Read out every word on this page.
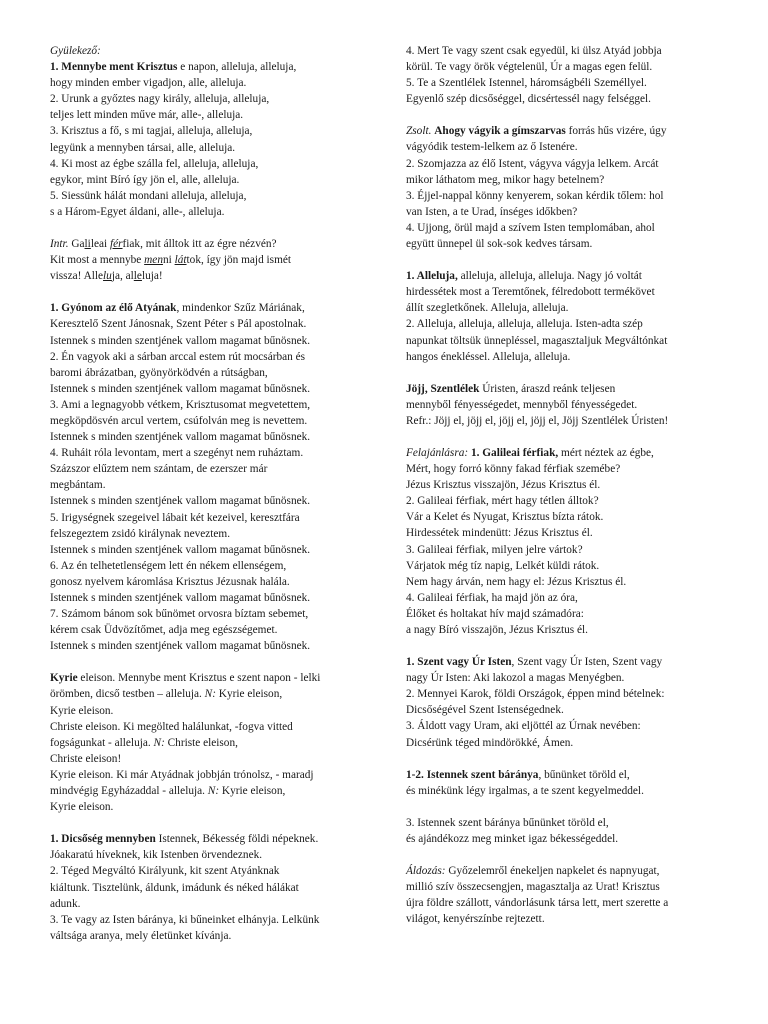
Gyülekező:
1. Mennybe ment Krisztus e napon, alleluja, alleluja,
hogy minden ember vigadjon, alle, alleluja.
2. Urunk a győztes nagy király, alleluja, alleluja,
teljes lett minden műve már, alle-, alleluja.
3. Krisztus a fő, s mi tagjai, alleluja, alleluja,
legyünk a mennyben társai, alle, alleluja.
4. Ki most az égbe szálla fel, alleluja, alleluja,
egykor, mint Bíró így jön el, alle, alleluja.
5. Siessünk hálát mondani alleluja, alleluja,
s a Három-Egyet áldani, alle-, alleluja.
Intr. Galileai férfiak, mit álltok itt az égre nézvén?
Kit most a mennybe menni láttok, így jön majd ismét
vissza! Alleluja, alleluja!
1. Gyónom az élő Atyának, mindenkor Szűz Máriának,
Keresztelő Szent Jánosnak, Szent Péter s Pál apostolnak.
Istennek s minden szentjének vallom magamat bűnösnek.
2. Én vagyok aki a sárban arccal estem rút mocsárban és
baromi ábrázatban, gyönyörködvén a rútságban,
Istennek s minden szentjének vallom magamat bűnösnek.
3. Ami a legnagyobb vétkem, Krisztusomat megvetettem,
megköpdösvén arcul vertem, csúfolván meg is nevettem.
Istennek s minden szentjének vallom magamat bűnösnek.
4. Ruháit róla levontam, mert a szegényt nem ruháztam.
Százszor elűztem nem szántam, de ezerszer már
megbántam.
Istennek s minden szentjének vallom magamat bűnösnek.
5. Irigységnek szegeivel lábait két kezeivel, keresztfára
felszegeztem zsidó királynak neveztem.
Istennek s minden szentjének vallom magamat bűnösnek.
6. Az én telhetetlenségem lett én nékem ellenségem,
gonosz nyelvem káromlása Krisztus Jézusnak halála.
Istennek s minden szentjének vallom magamat bűnösnek.
7. Számom bánom sok bűnömet orvosra bíztam sebemet,
kérem csak Üdvözítőmet, adja meg egészségemet.
Istennek s minden szentjének vallom magamat bűnösnek.
Kyrie eleison. Mennybe ment Krisztus e szent napon - lelki
örömben, dicső testben – alleluja. N: Kyrie eleison,
Kyrie eleison.
Christe eleison. Ki megölted halálunkat, -fogva vitted
fogságunkat - alleluja. N: Christe eleison,
Christe eleison!
Kyrie eleison. Ki már Atyádnak jobbján trónolsz, - maradj
mindvégig Egyházaddal - alleluja. N: Kyrie eleison,
Kyrie eleison.
1. Dicsőség mennyben Istennek, Békesség földi népeknek.
Jóakaratú híveknek, kik Istenben örvendeznek.
2. Téged Megváltó Királyunk, kit szent Atyánknak
kiáltunk. Tisztelünk, áldunk, imádunk és néked hálákat
adunk.
3. Te vagy az Isten báránya, ki bűneinket elhányja. Lelkünk
váltsága aranya, mely életünket kívánja.
4. Mert Te vagy szent csak egyedül, ki ülsz Atyád jobbja
körül. Te vagy örök végtelenül, Úr a magas egen felül.
5. Te a Szentlélek Istennel, háromságbéli Személlyel.
Egyenlő szép dicsőséggel, dicsértessél nagy felséggel.
Zsolt. Ahogy vágyik a gímszarvas forrás hűs vizére, úgy
vágyódik testem-lelkem az ő Istenére.
2. Szomjazza az élő Istent, vágyva vágyja lelkem. Arcát
mikor láthatom meg, mikor hagy betelnem?
3. Éjjel-nappal könny kenyerem, sokan kérdik tőlem: hol
van Isten, a te Urad, ínséges időkben?
4. Ujjong, örül majd a szívem Isten templomában, ahol
együtt ünnepel ül sok-sok kedves társam.
1. Alleluja, alleluja, alleluja, alleluja. Nagy jó voltát
hirdessétek most a Teremtőnek, félredobott termékövet
állít szegletkőnek. Alleluja, alleluja.
2. Alleluja, alleluja, alleluja, alleluja. Isten-adta szép
napunkat töltsük ünnepléssel, magasztaljuk Megváltónkat
hangos énekléssel. Alleluja, alleluja.
Jöjj, Szentlélek Úristen, áraszd reánk teljesen
mennyből fényességedet, mennyből fényességedet.
Refr.: Jöjj el, jöjj el, jöjj el, jöjj el, Jöjj Szentlélek Úristen!
Felajánlásra: 1. Galileai férfiak, mért néztek az égbe,
Mért, hogy forró könny fakad férfiak szemébe?
Jézus Krisztus visszajön, Jézus Krisztus él.
2. Galileai férfiak, mért hagy tétlen álltok?
Vár a Kelet és Nyugat, Krisztus bízta rátok.
Hirdessétek mindenütt: Jézus Krisztus él.
3. Galileai férfiak, milyen jelre vártok?
Várjatok még tíz napig, Lelkét küldi rátok.
Nem hagy árván, nem hagy el: Jézus Krisztus él.
4. Galileai férfiak, ha majd jön az óra,
Élőket és holtakat hív majd számadóra:
a nagy Bíró visszajön, Jézus Krisztus él.
1. Szent vagy Úr Isten, Szent vagy Úr Isten, Szent vagy
nagy Úr Isten: Aki lakozol a magas Menyégben.
2. Mennyei Karok, földi Országok, éppen mind bételnek:
Dicsőségével Szent Istenségednek.
3. Áldott vagy Uram, aki eljöttél az Úrnak nevében:
Dicsérünk téged mindörökké, Ámen.
1-2. Istennek szent báránya, bűnünket töröld el,
és minékünk légy irgalmas, a te szent kegyelmeddel.
3. Istennek szent báránya bűnünket töröld el,
és ajándékozz meg minket igaz békességeddel.
Áldozás: Győzelemről énekeljen napkelet és napnyugat,
millió szív összecsengjen, magasztalja az Urat! Krisztus
újra földre szállott, vándorlásunk társa lett, mert szerette a
világot, kenyérszínbe rejtezett.
